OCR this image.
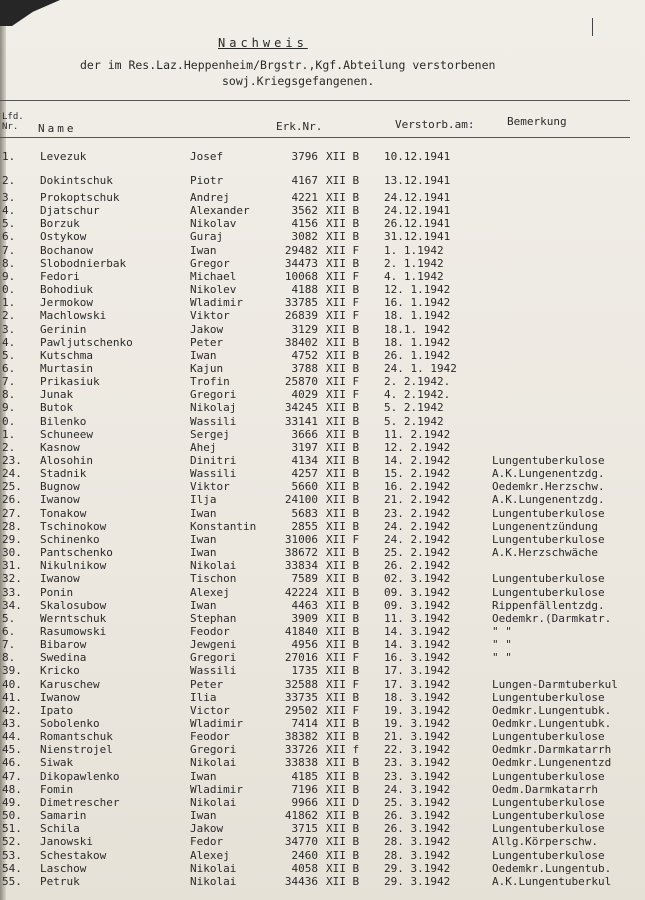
Nachweis
der im Res.Laz.Heppenheim/Brgstr.,Kgf.Abteilung verstorbenen
sowj.Kriegsgefangenen.
Lfd.
Nr.	Name	Erk.Nr.	Verstorb.am:	Bemerkung
1. Levezuk	Josef	3796 XII B 10.12.1941
2. Dokintschuk	Piotr	4167 XII B 13.12.1941
3. Prokoptschuk	Andrej	4221 XII B 24.12.1941
4. Djatschur	Alexander	3562 XII B 24.12.1941
5. Borzuk	Nikolav	4156 XII B 26.12.1941
6. Ostykow	Guraj	3082 XII B 31.12.1941
7. Bochanow	Iwan	29482 XII F 1. 1.1942
8. Slobodnierbak	Gregor	34473 XII B 2. 1.1942
9. Fedori	Michael	10068 XII F 4. 1.1942
0. Bohodiuk	Nikolev	4188 XII B 12. 1.1942
1. Jermokow	Wladimir	33785 XII F 16. 1.1942
2. Machlowski	Viktor	26839 XII F 18. 1.1942
3. Gerinin	Jakow	3129 XII B 18.1. 1942
4. Pawljutschenko	Peter	38402 XII B 18. 1.1942
5. Kutschma	Iwan	4752 XII B 26. 1.1942
6. Murtasin	Kajun	3788 XII B 24. 1. 1942
7. Prikasiuk	Trofin	25870 XII F 2. 2.1942.
8. Junak	Gregori	4029 XII F 4. 2.1942.
9. Butok	Nikolaj	34245 XII B 5. 2.1942
0. Bilenko	Wassili	33141 XII B 5. 2.1942
1. Schuneew	Sergej	3666 XII B 11. 2.1942
2. Kasnow	Ahej	3197 XII B 12. 2.1942
23. Alosohin	Dinitri	4134 XII B 14. 2.1942	Lungentuberkulose
24. Stadnik	Wassili	4257 XII B 15. 2.1942	A.K.Lungenentzdg.
25. Bugnow	Viktor	5660 XII B 16. 2.1942	Oedemkr.Herzschw.
26. Iwanow	Ilja	24100 XII B 21. 2.1942	A.K.Lungenentzdg.
27. Tonakow	Iwan	5683 XII B 23. 2.1942	Lungentuberkulose
28. Tschinokow	Konstantin	2855 XII B 24. 2.1942	Lungenentzündung
29. Schinenko	Iwan	31006 XII F 24. 2.1942	Lungentuberkulose
30. Pantschenko	Iwan	38672 XII B 25. 2.1942	A.K.Herzschwäche
31. Nikulnikow	Nikolai	33834 XII B 26. 2.1942
32. Iwanow	Tischon	7589 XII B 02. 3.1942	Lungentuberkulose
33. Ponin	Alexej	42224 XII B 09. 3.1942	Lungentuberkulose
34. Skalosubow	Iwan	4463 XII B 09. 3.1942	Rippenfällentzdg.
5. Werntschuk	Stephan	3909 XII B 11. 3.1942	Oedemkr.(Darmkatr.
6. Rasumowski	Feodor	41840 XII B 14. 3.1942	" "
7. Bibarow	Jewgeni	4956 XII B 14. 3.1942	" "
8. Swedina	Gregori	27016 XII F 16. 3.1942	" "
39. Kricko	Wassili	1735 XII B 17. 3.1942
40. Karuschew	Peter	32588 XII F 17. 3.1942	Lungen-Darmtuberkul
41. Iwanow	Ilia	33735 XII B 18. 3.1942	Lungentuberkulose
42. Ipato	Victor	29502 XII F 19. 3.1942	Oedmkr.Lungentubk.
43. Sobolenko	Wladimir	7414 XII B 19. 3.1942	Oedmkr.Lungentubk.
44. Romantschuk	Feodor	38382 XII B 21. 3.1942	Lungentuberkulose
45. Nienstrojel	Gregori	33726 XII f 22. 3.1942	Oedmkr.Darmkatarrh
46. Siwak	Nikolai	33838 XII B 23. 3.1942	Oedmkr.Lungenentzd
47. Dikopawlenko	Iwan	4185 XII B 23. 3.1942	Lungentuberkulose
48. Fomin	Wladimir	7196 XII B 24. 3.1942	Oedm.Darmkatarrh
49. Dimetrescher	Nikolai	9966 XII D 25. 3.1942	Lungentuberkulose
50. Samarin	Iwan	41862 XII B 26. 3.1942	Lungentuberkulose
51. Schila	Jakow	3715 XII B 26. 3.1942	Lungentuberkulose
52. Janowski	Fedor	34770 XII B 28. 3.1942	Allg.Körperschw.
53. Schestakow	Alexej	2460 XII B 28. 3.1942	Lungentuberkulose
54. Laschow	Nikolai	4058 XII B 29. 3.1942	Oedemkr.Lungentub.
55. Petruk	Nikolai	34436 XII B 29. 3.1942	A.K.Lungentuberkul
